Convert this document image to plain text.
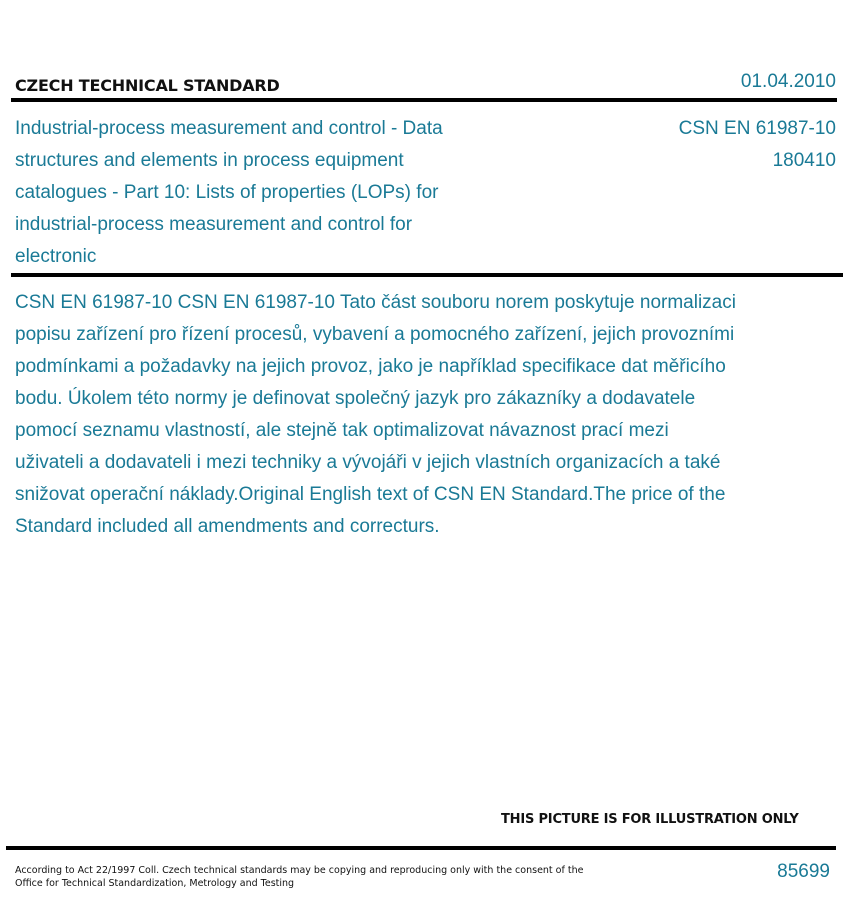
CZECH TECHNICAL STANDARD	01.04.2010
Industrial-process measurement and control - Data structures and elements in process equipment catalogues - Part 10: Lists of properties (LOPs) for industrial-process measurement and control for electronic
CSN EN 61987-10
180410
CSN EN 61987-10 CSN EN 61987-10 Tato část souboru norem poskytuje normalizaci popisu zařízení pro řízení procesů, vybavení a pomocného zařízení, jejich provozními podmínkami a požadavky na jejich provoz, jako je například specifikace dat měřicího bodu. Úkolem této normy je definovat společný jazyk pro zákazníky a dodavatele pomocí seznamu vlastností, ale stejně tak optimalizovat návaznost prací mezi uživateli a dodavateli i mezi techniky a vývojáři v jejich vlastních organizacích a také snižovat operační náklady.Original English text of CSN EN Standard.The price of the Standard included all amendments and correcturs.
THIS PICTURE IS FOR ILLUSTRATION ONLY
According to Act 22/1997 Coll. Czech technical standards may be copying and reproducing only with the consent of the Office for Technical Standardization, Metrology and Testing
85699
